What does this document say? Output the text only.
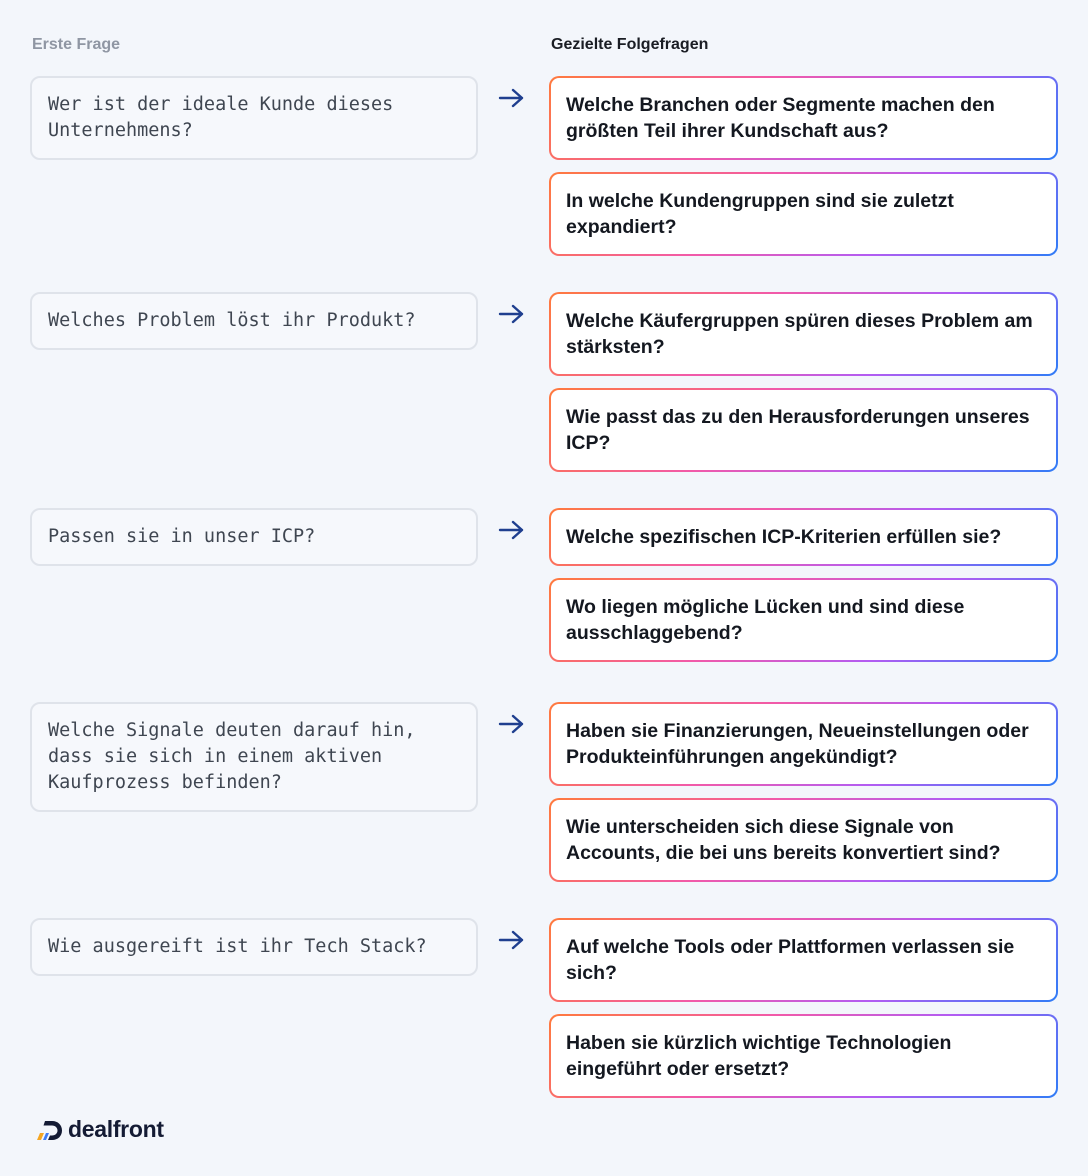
Erste Frage	Gezielte Folgefragen
Wer ist der ideale Kunde dieses
Unternehmens?
Welche Branchen oder Segmente machen den größten Teil ihrer Kundschaft aus?
In welche Kundengruppen sind sie zuletzt expandiert?
Welches Problem löst ihr Produkt?	Welche Käufergruppen spüren dieses Problem am stärksten?
Wie passt das zu den Herausforderungen unseres ICP?
Passen sie in unser ICP?	Welche spezifischen ICP-Kriterien erfüllen sie?
Wo liegen mögliche Lücken und sind diese ausschlaggebend?
Welche Signale deuten darauf hin,
dass sie sich in einem aktiven
Kaufprozess befinden?
Haben sie Finanzierungen, Neueinstellungen oder Produkteinführungen angekündigt?
Wie unterscheiden sich diese Signale von Accounts, die bei uns bereits konvertiert sind?
Wie ausgereift ist ihr Tech Stack?	Auf welche Tools oder Plattformen verlassen sie sich?
Haben sie kürzlich wichtige Technologien eingeführt oder ersetzt?
dealfront
